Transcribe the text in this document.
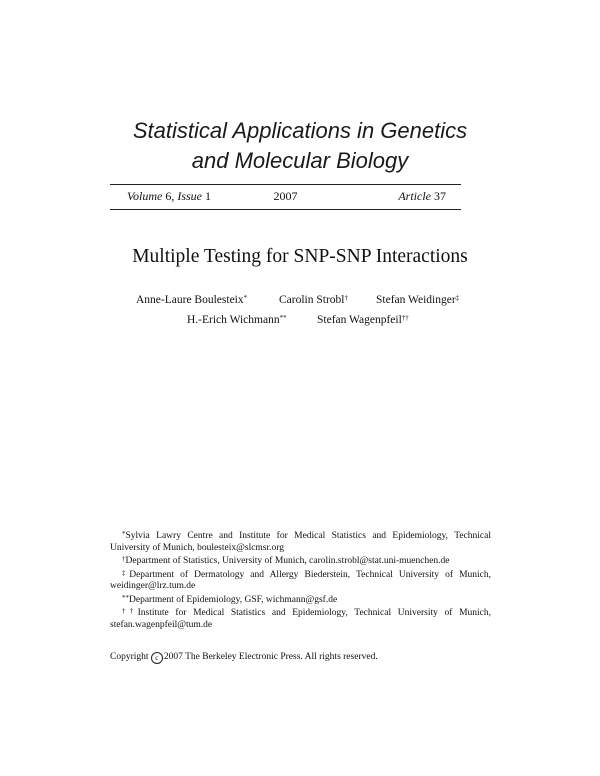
Statistical Applications in Genetics
and Molecular Biology
Volume 6, Issue 1	2007	Article 37
Multiple Testing for SNP-SNP Interactions
Anne-Laure Boulesteix*	Carolin Strobl† Stefan Weidinger‡
H.-Erich Wichmann**	Stefan Wagenpfeil††

*Sylvia Lawry Centre and Institute for Medical Statistics and Epidemiology, Technical University of Munich, boulesteix@slcmsr.org

†Department of Statistics, University of Munich, carolin.strobl@stat.uni-muenchen.de

‡Department of Dermatology and Allergy Biederstein, Technical University of Munich, weidinger@lrz.tum.de

**Department of Epidemiology, GSF, wichmann@gsf.de

††Institute for Medical Statistics and Epidemiology, Technical University of Munich, stefan.wagenpfeil@tum.de

Copyright c 2007 The Berkeley Electronic Press. All rights reserved.
